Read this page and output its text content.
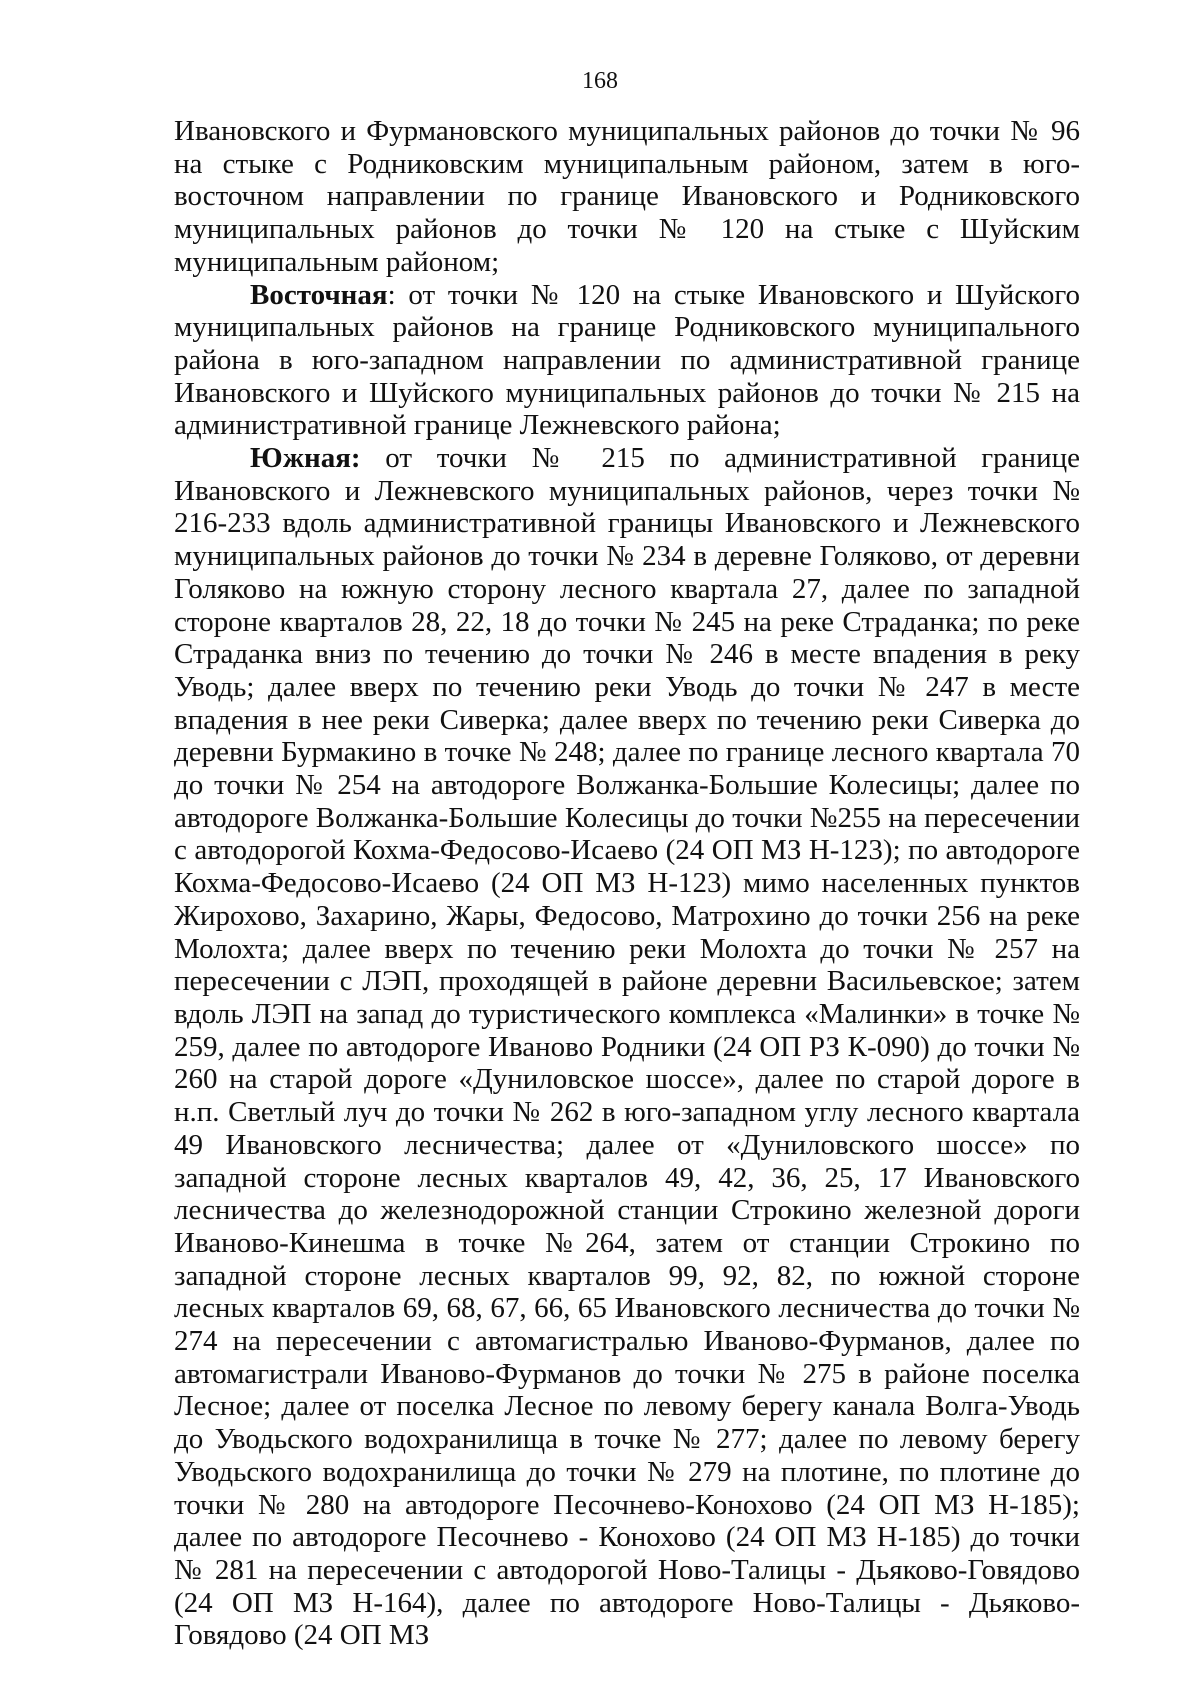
168

Ивановского и Фурмановского муниципальных районов до точки № 96 на стыке с Родниковским муниципальным районом, затем в юго-восточном направлении по границе Ивановского и Родниковского муниципальных районов до точки № 120 на стыке с Шуйским муниципальным районом;

Восточная: от точки № 120 на стыке Ивановского и Шуйского муниципальных районов на границе Родниковского муниципального района в юго-западном направлении по административной границе Ивановского и Шуйского муниципальных районов до точки № 215 на административной границе Лежневского района;

Южная: от точки № 215 по административной границе Ивановского и Лежневского муниципальных районов, через точки № 216-233 вдоль административной границы Ивановского и Лежневского муниципальных районов до точки № 234 в деревне Голяково, от деревни Голяково на южную сторону лесного квартала 27, далее по западной стороне кварталов 28, 22, 18 до точки № 245 на реке Страданка; по реке Страданка вниз по течению до точки № 246 в месте впадения в реку Уводь; далее вверх по течению реки Уводь до точки № 247 в месте впадения в нее реки Сиверка; далее вверх по течению реки Сиверка до деревни Бурмакино в точке № 248; далее по границе лесного квартала 70 до точки № 254 на автодороге Волжанка-Большие Колесицы; далее по автодороге Волжанка-Большие Колесицы до точки №255 на пересечении с автодорогой Кохма-Федосово-Исаево (24 ОП МЗ Н-123); по автодороге Кохма-Федосово-Исаево (24 ОП МЗ Н-123) мимо населенных пунктов Жирохово, Захарино, Жары, Федосово, Матрохино до точки 256 на реке Молохта; далее вверх по течению реки Молохта до точки № 257 на пересечении с ЛЭП, проходящей в районе деревни Васильевское; затем вдоль ЛЭП на запад до туристического комплекса «Малинки» в точке № 259, далее по автодороге Иваново Родники (24 ОП РЗ К-090) до точки № 260 на старой дороге «Дуниловское шоссе», далее по старой дороге в н.п. Светлый луч до точки № 262 в юго-западном углу лесного квартала 49 Ивановского лесничества; далее от «Дуниловского шоссе» по западной стороне лесных кварталов 49, 42, 36, 25, 17 Ивановского лесничества до железнодорожной станции Строкино железной дороги Иваново-Кинешма в точке №264, затем от станции Строкино по западной стороне лесных кварталов 99, 92, 82, по южной стороне лесных кварталов 69, 68, 67, 66, 65 Ивановского лесничества до точки № 274 на пересечении с автомагистралью Иваново-Фурманов, далее по автомагистрали Иваново-Фурманов до точки № 275 в районе поселка Лесное; далее от поселка Лесное по левому берегу канала Волга-Уводь до Уводьского водохранилища в точке № 277; далее по левому берегу Уводьского водохранилища до точки № 279 на плотине, по плотине до точки № 280 на автодороге Песочнево-Конохово (24 ОП МЗ Н-185); далее по автодороге Песочнево - Конохово (24 ОП МЗ Н-185) до точки № 281 на пересечении с автодорогой Ново-Талицы - Дьяково-Говядово (24 ОП МЗ Н-164), далее по автодороге Ново-Талицы - Дьяково-Говядово (24 ОП МЗ
